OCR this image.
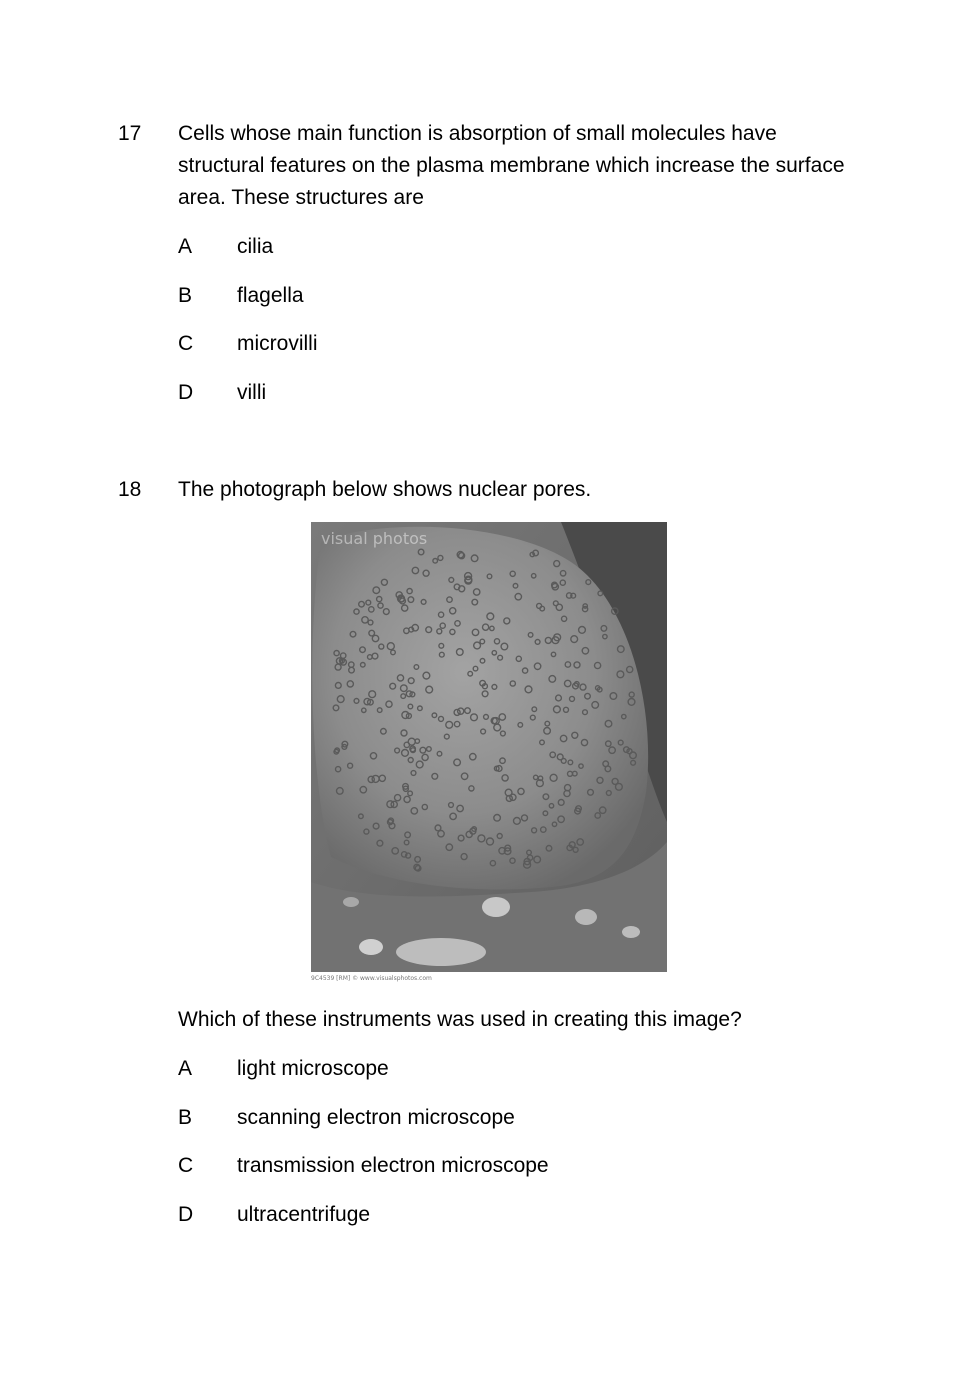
17 Cells whose main function is absorption of small molecules have structural features on the plasma membrane which increase the surface area. These structures are
A cilia
B flagella
C microvilli
D villi
18 The photograph below shows nuclear pores.
visual photos
9C4539 [RM] © www.visualsphotos.com
Which of these instruments was used in creating this image?
A light microscope
B scanning electron microscope
C transmission electron microscope
D ultracentrifuge
